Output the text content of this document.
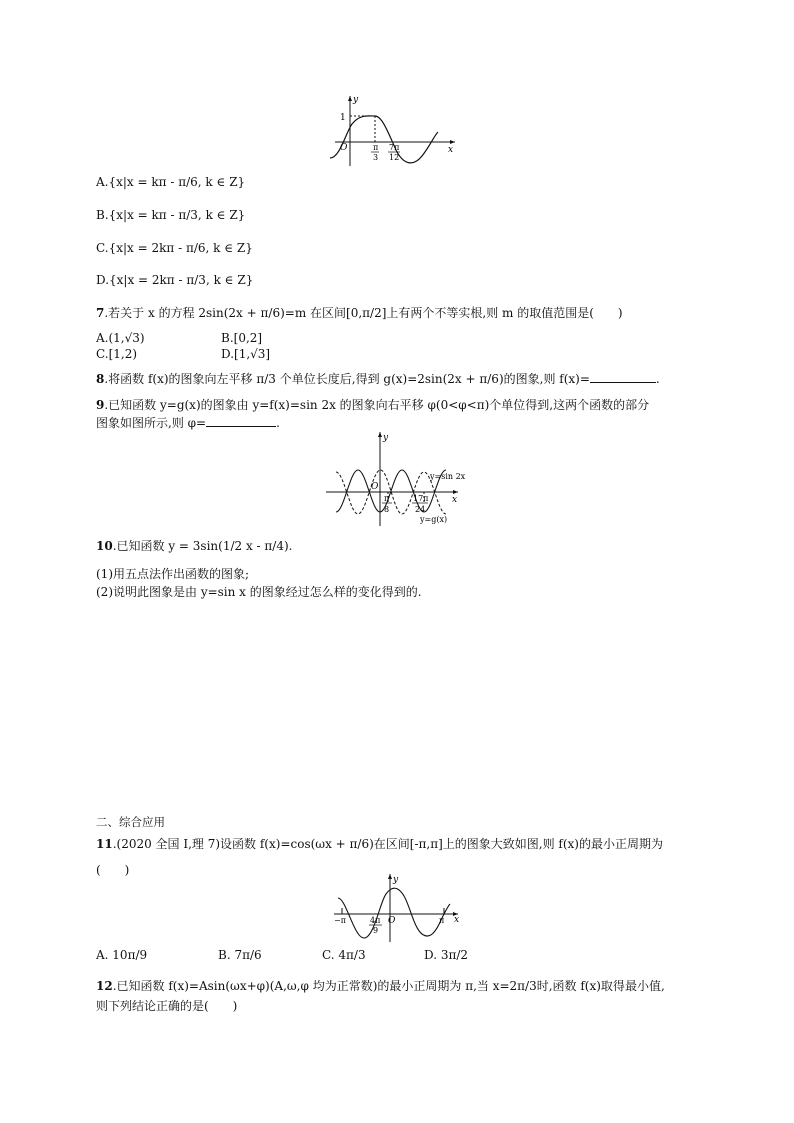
y
1
O	x
π
3
7π
12
A.{x|x = kπ - π/6, k ∈ Z}
B.{x|x = kπ - π/3, k ∈ Z}
C.{x|x = 2kπ - π/6, k ∈ Z}
D.{x|x = 2kπ - π/3, k ∈ Z}
7.若关于 x 的方程 2sin(2x + π/6)=m 在区间[0,π/2]上有两个不等实根,则 m 的取值范围是(　　)
A.(1,√3)	B.[0,2]
C.[1,2)	D.[1,√3]
8.将函数 f(x)的图象向左平移 π/3 个单位长度后,得到 g(x)=2sin(2x + π/6)的图象,则 f(x)=	.
9.已知函数 y=g(x)的图象由 y=f(x)=sin 2x 的图象向右平移 φ(0<φ<π)个单位得到,这两个函数的部分
图象如图所示,则 φ=	.
y
O
x
y=sin 2x
y=g(x)
π
8
17π
24
10.已知函数 y = 3sin(1/2 x - π/4).
(1)用五点法作出函数的图象;
(2)说明此图象是由 y=sin x 的图象经过怎么样的变化得到的.
二、综合应用
11.(2020 全国 Ⅰ,理 7)设函数 f(x)=cos(ωx + π/6)在区间[-π,π]上的图象大致如图,则 f(x)的最小正周期为
(　　)
y
O	x
−π	π
4π
9
A. 10π/9	B. 7π/6	C. 4π/3	D. 3π/2
12.已知函数 f(x)=Asin(ωx+φ)(A,ω,φ 均为正常数)的最小正周期为 π,当 x=2π/3时,函数 f(x)取得最小值,
则下列结论正确的是(　　)
